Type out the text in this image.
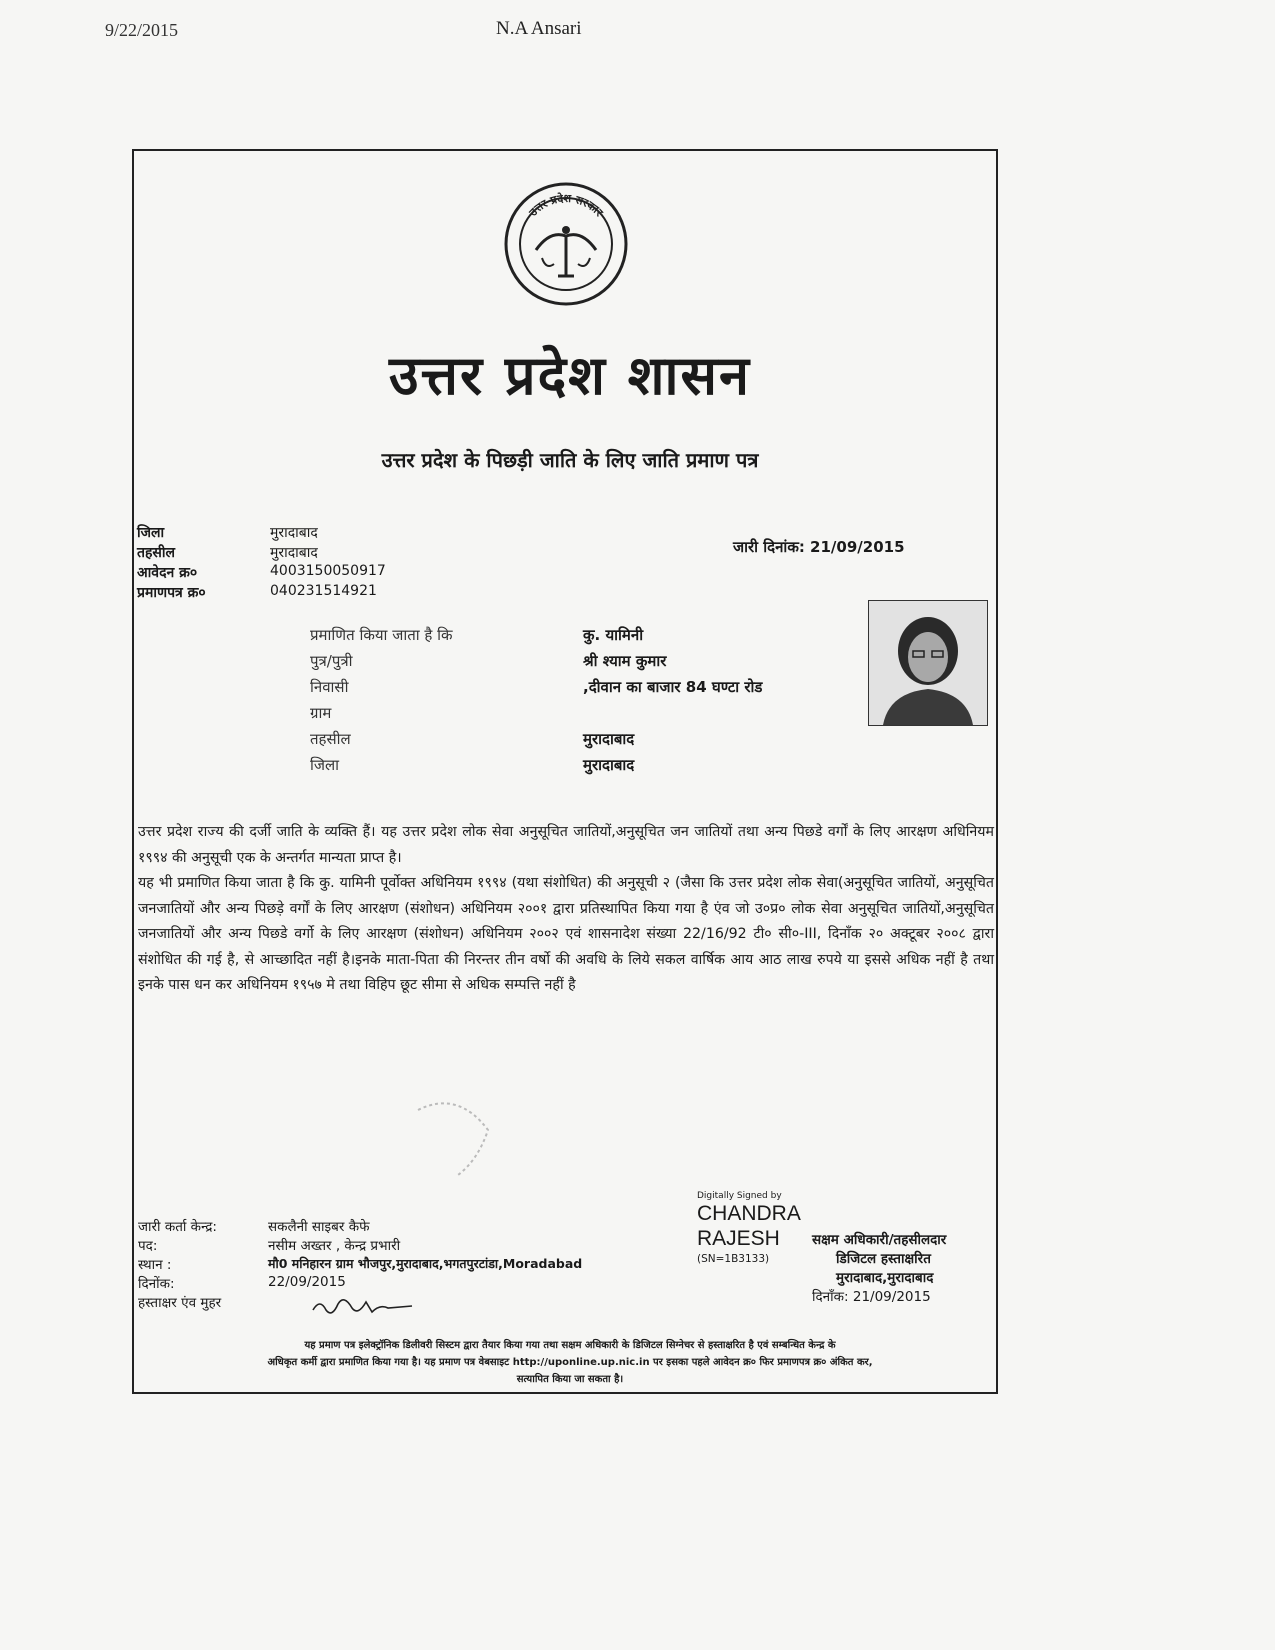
9/22/2015	N.A Ansari
उत्तर प्रदेश सरकार
उत्तर प्रदेश शासन
उत्तर प्रदेश के पिछड़ी जाति के लिए जाति प्रमाण पत्र
जिला	मुरादाबाद
तहसील	मुरादाबाद
आवेदन क्र०	4003150050917
प्रमाणपत्र क्र०	040231514921
जारी दिनांक: 21/09/2015
प्रमाणित किया जाता है कि	कु. यामिनी
पुत्र/पुत्री	श्री श्याम कुमार
निवासी	,दीवान का बाजार 84 घण्टा रोड
ग्राम
तहसील	मुरादाबाद
जिला	मुरादाबाद

उत्तर प्रदेश राज्य की दर्जी जाति के व्यक्ति हैं। यह उत्तर प्रदेश लोक सेवा अनुसूचित जातियों,अनुसूचित जन जातियों तथा अन्य पिछडे वर्गों के लिए आरक्षण अधिनियम १९९४ की अनुसूची एक के अन्तर्गत मान्यता प्राप्त है।

यह भी प्रमाणित किया जाता है कि कु. यामिनी पूर्वोक्त अधिनियम १९९४ (यथा संशोधित) की अनुसूची २ (जैसा कि उत्तर प्रदेश लोक सेवा(अनुसूचित जातियों, अनुसूचित जनजातियों और अन्य पिछड़े वर्गों के लिए आरक्षण (संशोधन) अधिनियम २००१ द्वारा प्रतिस्थापित किया गया है एंव जो उ०प्र० लोक सेवा अनुसूचित जातियों,अनुसूचित जनजातियों और अन्य पिछडे वर्गो के लिए आरक्षण (संशोधन) अधिनियम २००२ एवं शासनादेश संख्या 22/16/92 टी० सी०-III, दिनाँक २० अक्टूबर २००८ द्वारा संशोधित की गई है, से आच्छादित नहीं है।इनके माता-पिता की निरन्तर तीन वर्षो की अवधि के लिये सकल वार्षिक आय आठ लाख रुपये या इससे अधिक नहीं है तथा इनके पास धन कर अधिनियम १९५७ मे तथा विहिप छूट सीमा से अधिक सम्पत्ति नहीं है

जारी कर्ता केन्द्र:	सकलैनी साइबर कैफे
पद:	नसीम अख्तर , केन्द्र प्रभारी
स्थान :	मौ0 मनिहारन ग्राम भौजपुर,मुरादाबाद,भगतपुरटांडा,Moradabad
दिनोंक:	22/09/2015
हस्ताक्षर एंव मुहर
Digitally Signed by
CHANDRA
RAJESH
(SN=1B3133)
सक्षम अधिकारी/तहसीलदार
डिजिटल हस्ताक्षरित
मुरादाबाद,मुरादाबाद
दिनाँक: 21/09/2015
यह प्रमाण पत्र इलेक्ट्रॉनिक डिलीवरी सिस्टम द्वारा तैयार किया गया तथा सक्षम अधिकारी के डिजिटल सिग्नेचर से हस्ताक्षरित है एवं सम्बन्धित केन्द्र के
अधिकृत कर्मी द्वारा प्रमाणित किया गया है। यह प्रमाण पत्र वेबसाइट http://uponline.up.nic.in पर इसका पहले आवेदन क्र० फिर प्रमाणपत्र क्र० अंकित कर,
सत्यापित किया जा सकता है।
